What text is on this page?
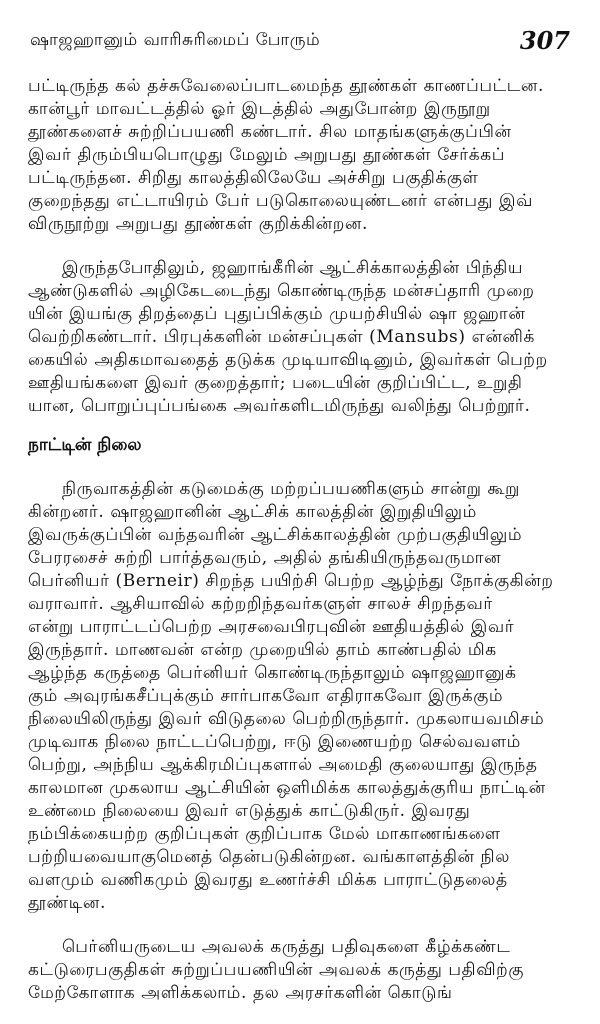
ஷாஜஹானும் வாரிசுரிமைப் போரும்	307
பட்டிருந்த கல் தச்சுவேலைப்பாடமைந்த தூண்கள் காணப்பட்டன.
கான்பூர் மாவட்டத்தில் ஓர் இடத்தில் அதுபோன்ற இருநூறு
தூண்களைச் சுற்றிப்பயணி கண்டார். சில மாதங்களுக்குப்பின்
இவர் திரும்பியபொழுது மேலும் அறுபது தூண்கள் சேர்க்கப்
பட்டிருந்தன. சிறிது காலத்திலிலேயே அச்சிறு பகுதிக்குள்
குறைந்தது எட்டாயிரம் பேர் படுகொலையுண்டனர் என்பது இவ்
விருநூற்று அறுபது தூண்கள் குறிக்கின்றன.
இருந்தபோதிலும், ஜஹாங்கீரின் ஆட்சிக்காலத்தின் பிந்திய
ஆண்டுகளில் அழிகேடடைந்து கொண்டிருந்த மன்சப்தாரி முறை
யின் இயங்கு திறத்தைப் புதுப்பிக்கும் முயற்சியில் ஷா ஜஹான்
வெற்றிகண்டார். பிரபுக்களின் மன்சப்புகள் (Mansubs) என்னிக்
கையில் அதிகமாவதைத் தடுக்க முடியாவிடினும், இவர்கள் பெற்ற
ஊதியங்களை இவர் குறைத்தார்; படையின் குறிப்பிட்ட, உறுதி
யான, பொறுப்புப்பங்கை அவர்களிடமிருந்து வலிந்து பெற்றூர்.
நாட்டின் நிலை
நிருவாகத்தின் கடுமைக்கு மற்றப்பயணிகளும் சான்று கூறு
கின்றனர். ஷாஜஹானின் ஆட்சிக் காலத்தின் இறுதியிலும்
இவருக்குப்பின் வந்தவரின் ஆட்சிக்காலத்தின் முற்பகுதியிலும்
பேரரசைச் சுற்றி பார்த்தவரும், அதில் தங்கியிருந்தவருமான
பெர்னியர் (Berneir) சிறந்த பயிற்சி பெற்ற ஆழ்ந்து நோக்குகின்ற
வராவார். ஆசியாவில் கற்றறிந்தவர்களுள் சாலச் சிறந்தவர்
என்று பாராட்டப்பெற்ற அரசவைபிரபுவின் ஊதியத்தில் இவர்
இருந்தார். மாணவன் என்ற முறையில் தாம் காண்பதில் மிக
ஆழ்ந்த கருத்தை பெர்னியர் கொண்டிருந்தாலும் ஷாஜஹானுக்
கும் அவுரங்கசீப்புக்கும் சார்பாகவோ எதிராகவோ இருக்கும்
நிலையிலிருந்து இவர் விடுதலை பெற்றிருந்தார். முகலாயவமிசம்
முடிவாக நிலை நாட்டப்பெற்று, ஈடு இணையற்ற செல்வவளம்
பெற்று, அந்நிய ஆக்கிரமிப்புகளால் அமைதி குலையாது இருந்த
காலமான முகலாய ஆட்சியின் ஒளிமிக்க காலத்துக்குரிய நாட்டின்
உண்மை நிலையை இவர் எடுத்துக் காட்டுகிருர். இவரது
நம்பிக்கையற்ற குறிப்புகள் குறிப்பாக மேல் மாகாணங்களை
பற்றியவையாகுமெனத் தென்படுகின்றன. வங்காளத்தின் நில
வளமும் வணிகமும் இவரது உணர்ச்சி மிக்க பாராட்டுதலைத்
தூண்டின.
பெர்னியருடைய அவலக் கருத்து பதிவுகளை கீழ்க்கண்ட
கட்டுரைபகுதிகள் சுற்றுப்பயணியின் அவலக் கருத்து பதிவிற்கு
மேற்கோளாக அளிக்கலாம். தல அரசர்களின் கொடுங்
